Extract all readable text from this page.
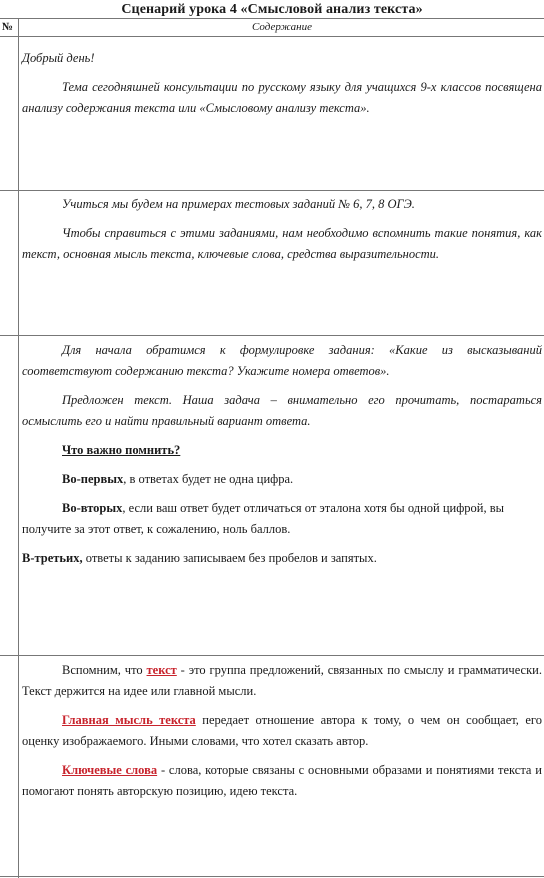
Сценарий урока 4 «Смысловой анализ текста»
№	Содержание

Добрый день!

Тема сегодняшней консультации по русскому языку для учащихся 9-х классов посвящена анализу содержания текста или «Смысловому анализу текста».

Учиться мы будем на примерах тестовых заданий № 6, 7, 8 ОГЭ.

Чтобы справиться с этими заданиями, нам необходимо вспомнить такие понятия, как текст, основная мысль текста, ключевые слова, средства выразительности.

Для начала обратимся к формулировке задания: «Какие из высказываний соответствуют содержанию текста? Укажите номера ответов».

Предложен текст. Наша задача – внимательно его прочитать, постараться осмыслить его и найти правильный вариант ответа.

Что важно помнить?

Во-первых, в ответах будет не одна цифра.

Во-вторых, если ваш ответ будет отличаться от эталона хотя бы одной цифрой, вы получите за этот ответ, к сожалению, ноль баллов.

В-третьих, ответы к заданию записываем без пробелов и запятых.

Вспомним, что текст - это группа предложений, связанных по смыслу и грамматически. Текст держится на идее или главной мысли.

Главная мысль текста передает отношение автора к тому, о чем он сообщает, его оценку изображаемого. Иными словами, что хотел сказать автор.

Ключевые слова - слова, которые связаны с основными образами и понятиями текста и помогают понять авторскую позицию, идею текста.
